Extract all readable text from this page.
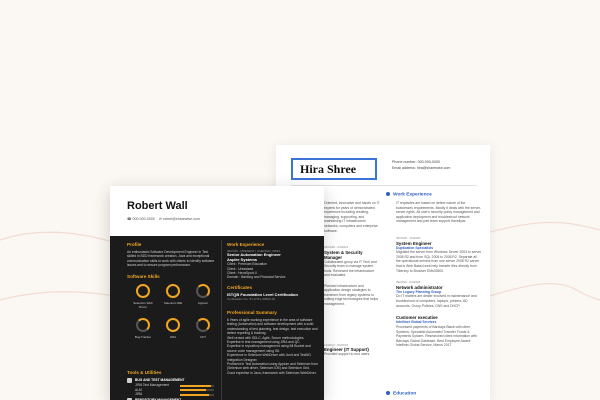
Hira Shree	Phone number: 000-000-0000
Email address: hira@sharewise.com
Work Experience
IT requisites are based on defect nature of the businesses requirements. Mostly it deals with the server-server rights. All user's security policy management and application deployment and troubleshoot network management and part team support Haveliyaz
05/2018 - 10/2020
System Engineer
Duplication Specialists
Migrated the server from Windows Server 2003 to server 2008 R2 and from SQL 2005 to 2008 R2. Separate all the operational servers from one server 2008 R2 server that is Web Based web help transfer files directly from Tiberzhy to Browser EMs03500.
09/2016 - 01/2018
Network administrator
The Legacy Planning Group
Do IT matters are dealer involved in maintenance and troubleshoot of computers, laptops, printers, AD accounts, Group Policies, DNS and DHCP.
Customer executive
Intellinet Global Services
Processed payments of Barclays Black with other Systems. Specialist Automated Transfer Funds & Payments System. Researched client information with Barclays Global Database. Best Employee Award: Intellinet Global Service, March 2017
Education
Oriented, innovative and hands on IT experts for years of demonstrated experience including creating, managing, supporting, and maintaining IT infrastructure networks, computers and enterprise software.
02/2019 - 04/2021
System & Security Manager
Collaborated group via IT Tech and Security team to manage system tools. Reviewed the infrastructure and evaluated.
Planned infrastructure and application design strategies to transform from legacy systems to cutting edge technologies that helps management.
11/2013 - 03/2016
Engineer (IT Support)
Provided support to end users.
Robert Wall
☎ 000-000-0000 ✉ robert@sharewise.com
Profile
An enthusiastic Software Development Engineer in Test skilled in BDD framework creation, Java and exceptional communication skills to work with clients to identify software issues and to ensure program performance.
Software Skills
Tools & Utilities
Work Experience
06/2019 - PRESENT | CHENNAI, INDIA
Senior Automation Engineer
Aspire Systems
Client : Premium Education
Client : Ureaslead
Client : HexaSport-X
Domain : Banking and Financial Service
Certificates
ISTQB Foundation Level Certification
Certification No. SY-CTFL-38525-02
Professional Summary
6 Years of agile working experience in the area of software testing (Automation) and software development with a solid understanding of test planning, test design, test execution and defect reporting & tracking.
Well versed with SDLC, Agile, Scrum methodologies.
Expertise in test management using JIRA and QC.
Expertise in repository management using Bit Bucket and source code management using Git.
Experience in Selenium WebDriver with Junit and TestNG Integration Designer.
Proficient in Test Automation using Appium and Selenium from (Selenium web driver, Selenium IDE) and Selenium Grid.
Good expertise in Java, framework with Selenium WebDriver.
Selenium Web Driver
Selenium IDE	Appium
Bug Tracker	JIRA	UFT
BUG AND TEST MANAGEMENT
JIRA Test Management
ALM
JIRA
REPOSITORY MANAGEMENT
